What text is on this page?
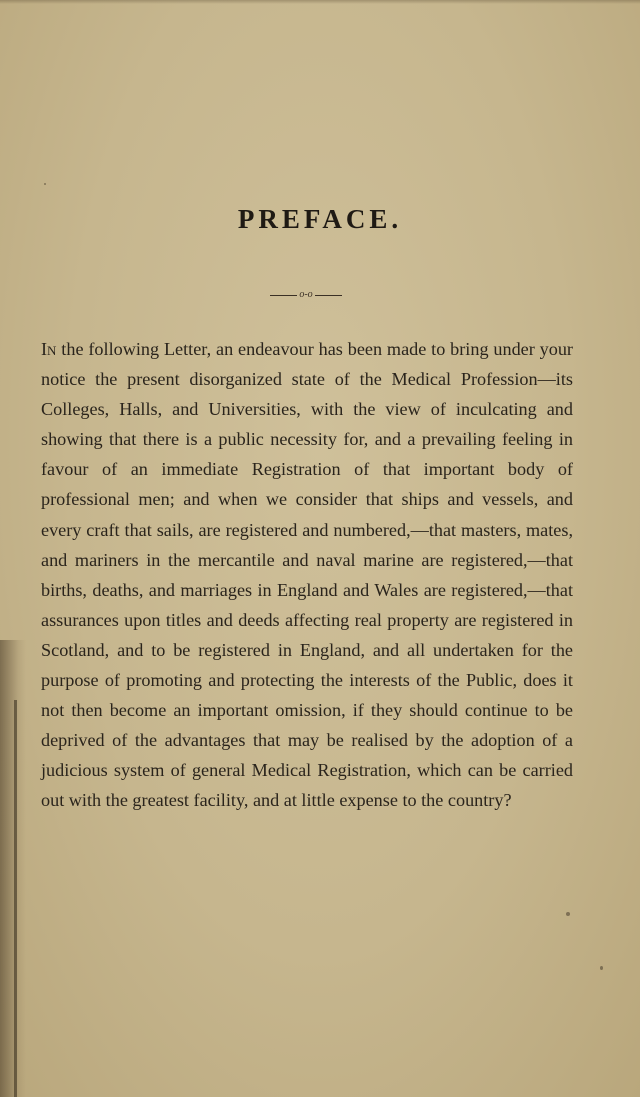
PREFACE.
o-o

In the following Letter, an endeavour has been made to bring under your notice the present disorganized state of the Medical Profession—its Colleges, Halls, and Universities, with the view of inculcating and showing that there is a public necessity for, and a prevailing feeling in favour of an immediate Registration of that important body of professional men; and when we consider that ships and vessels, and every craft that sails, are registered and numbered,—that masters, mates, and mariners in the mercantile and naval marine are registered,—that births, deaths, and marriages in England and Wales are registered,—that assurances upon titles and deeds affecting real property are registered in Scotland, and to be registered in England, and all undertaken for the purpose of promoting and protecting the interests of the Public, does it not then become an important omission, if they should continue to be deprived of the advantages that may be realised by the adoption of a judicious system of general Medical Registration, which can be carried out with the greatest facility, and at little expense to the country?
